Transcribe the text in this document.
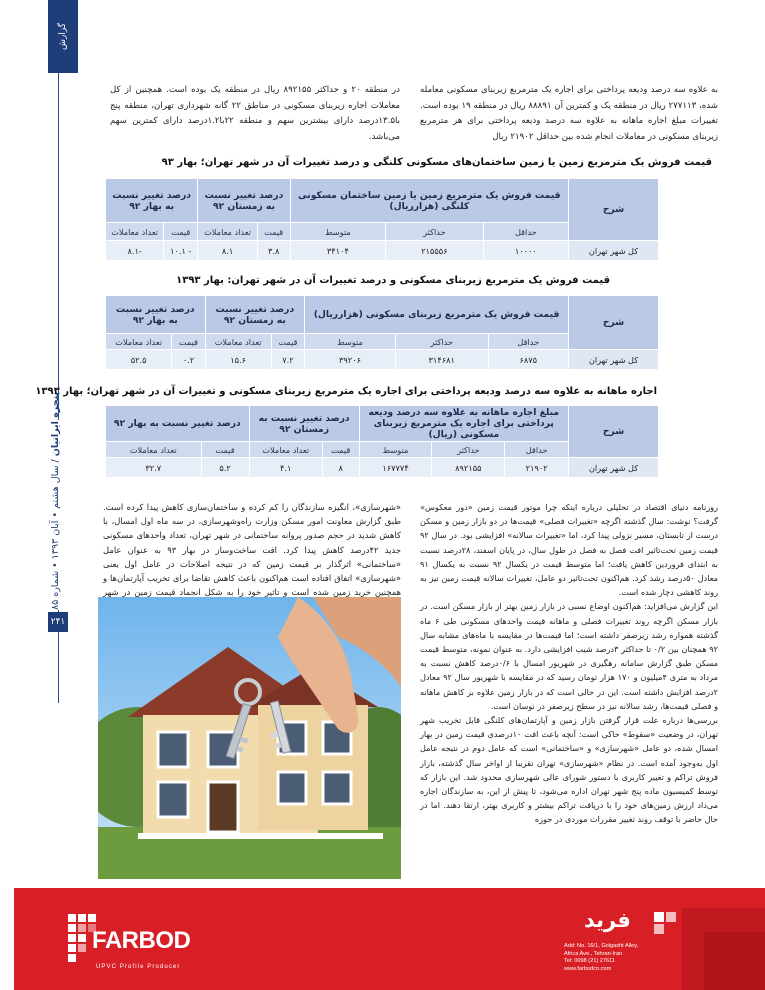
گزارش
پنجره ایرانیان / سال هشتم • آبان ۱۳۹۳ • شماره ۸۵
۲۴۱

به علاوه سه درصد ودیعه پرداختی برای اجاره یک مترمربع زیربنای مسکونی معامله شده، ۲۷۷۱۱۳ ریال در منطقه یک و کمترین آن ۸۸۸۹۱ ریال در منطقه ۱۹ بوده است. تغییرات مبلغ اجاره ماهانه به علاوه سه درصد ودیعه پرداختی برای هر مترمربع زیربنای مسکونی در معاملات انجام شده بین حداقل ۲۱۹۰۲ ریال

در منطقه ۲۰ و حداکثر ۸۹۲۱۵۵ ریال در منطقه یک بوده است. همچنین از کل معاملات اجاره زیربنای مسکونی در مناطق ۲۲ گانه شهرداری تهران، منطقه پنج با۱۳.۵درصد دارای بیشترین سهم و منطقه ۲۲با۱.۲درصد دارای کمترین سهم می‌باشد.

قیمت فروش یک مترمربع زمین یا زمین ساختمان‌های مسکونی کلنگی و درصد تغییرات آن در شهر تهران؛ بهار ۹۳
شرح	قیمت فروش یک مترمربع زمین یا زمین ساختمان مسکونی کلنگی (هزارریال)			درصد تغییر نسبت به زمستان ۹۲		درصد تغییر نسبت به بهار ۹۲	
	حداقل	حداکثر	متوسط	قیمت	تعداد معاملات	قیمت	تعداد معاملات
کل شهر تهران	۱۰۰۰۰	۲۱۵۵۵۶	۳۴۱۰۴	۳.۸	۸.۱	- ۱۰.۱	-۸.۱
قیمت فروش یک مترمربع زیربنای مسکونی و درصد تغییرات آن در شهر تهران: بهار ۱۳۹۳
شرح	قیمت فروش یک مترمربع زیربنای مسکونی (هزارریال)			درصد تغییر نسبت به زمستان ۹۲		درصد تغییر نسبت به بهار ۹۲	
	حداقل	حداکثر	متوسط	قیمت	تعداد معاملات	قیمت	تعداد معاملات
کل شهر تهران	۶۸۷۵	۳۱۴۶۸۱	۳۹۲۰۶	۷.۲	۱۵.۶	۰.۲	۵۲.۵
اجاره ماهانه به علاوه سه درصد ودیعه پرداختی برای اجاره یک مترمربع زیربنای مسکونی و تغییرات آن در شهر تهران؛ بهار ۱۳۹۳
شرح	مبلغ اجاره ماهانه به علاوه سه درصد ودیعه پرداختی برای اجاره یک مترمربع زیربنای مسکونی (ریال)			درصد تغییر نسبت به زمستان ۹۲		درصد تغییر نسبت به بهار ۹۲	
	حداقل	حداکثر	متوسط	قیمت	تعداد معاملات	قیمت	تعداد معاملات
کل شهر تهران	۲۱۹۰۲	۸۹۲۱۵۵	۱۶۷۷۷۴	۸	۴.۱	۵.۲	۳۲.۷

روزنامه دنیای اقتصاد در تحلیلی درباره اینکه چرا موتور قیمت زمین «دور معکوس» گرفت؟ نوشت: سال گذشته اگرچه «تغییرات فصلی» قیمت‌ها در دو بازار زمین و مسکن درست از تابستان، مسیر نزولی پیدا کرد، اما «تغییرات سالانه» افزایشی بود. در سال ۹۲ قیمت زمین تحت‌تاثیر افت فصل به فصل در طول سال، در پایان اسفند، ۲۸درصد نسبت به ابتدای فروردین کاهش یافت؛ اما متوسط قیمت در یکسال ۹۲ نسبت به یکسال ۹۱ معادل ۵۰درصد رشد کرد. هم‌اکنون تحت‌تاثیر دو عامل، تغییرات سالانه قیمت زمین نیز به روند کاهشی دچار شده است.

این گزارش می‌افزاید: هم‌اکنون اوضاع نسبی در بازار زمین بهتر از بازار مسکن است. در بازار مسکن اگرچه روند تغییرات فصلی و ماهانه قیمت واحدهای مسکونی طی ۶ ماه گذشته همواره رشد زیرصفر داشته است؛ اما قیمت‌ها در مقایسه با ماه‌های مشابه سال ۹۲ همچنان بین ۰/۲ تا حداکثر ۳درصد شیب افزایشی دارد. به عنوان نمونه، متوسط قیمت مسکن طبق گزارش سامانه رهگیری در شهریور امسال با ۰/۶درصد کاهش نسبت به مرداد به متری ۴میلیون و ۱۷۰ هزار تومان رسید که در مقایسه با شهریور سال ۹۲ معادل ۲درصد افزایش داشته است. این در حالی است که در بازار زمین علاوه بر کاهش ماهانه و فصلی قیمت‌ها، رشد سالانه نیز در سطح زیرصفر در نوسان است.

بررسی‌ها درباره علت قرار گرفتن بازار زمین و آپارتمان‌های کلنگی قابل تخریب شهر تهران، در وضعیت «سقوط» حاکی است: آنچه باعث افت ۱۰درصدی قیمت زمین در بهار امسال شده، دو عامل «شهرسازی» و «ساختمانی» است که عامل دوم در نتیجه عامل اول به‌وجود آمده است. در نظام «شهرسازی» تهران تقریبا از اواخر سال گذشته، بازار فروش تراکم و تغییر کاربری با دستور شورای عالی شهرسازی محدود شد. این بازار که توسط کمیسیون ماده پنج شهر تهران اداره می‌شود، تا پیش از این، به سازندگان اجازه می‌داد ارزش زمین‌های خود را با دریافت تراکم بیشتر و کاربری بهتر، ارتقا دهند. اما در حال حاضر با توقف روند تغییر مقررات موردی در حوزه

«شهرسازی»، انگیزه سازندگان را کم کرده و ساختمان‌سازی کاهش پیدا کرده است. طبق گزارش معاونت امور مسکن وزارت راه‌وشهرسازی، در سه ماه اول امسال، با کاهش شدید در حجم صدور پروانه ساختمانی در شهر تهران، تعداد واحدهای مسکونی جدید ۴۲درصد کاهش پیدا کرد. افت ساخت‌وساز در بهار ۹۳ به عنوان عامل «ساختمانی» اثرگذار بر قیمت زمین که در نتیجه اصلاحات در عامل اول یعنی «شهرسازی» اتفاق افتاده است هم‌اکنون باعث کاهش تقاضا برای تخریب آپارتمان‌ها و همچنین خرید زمین شده است و تاثیر خود را به شکل انجماد قیمت زمین در شهر

FARBOD
UPVC Profile Producer
فرید
Add: No. 16/1, Golgasht Alley,
Africa Ave., Tehran-Iran
Tel: 0098 (21) 27611
www.farbodco.com
